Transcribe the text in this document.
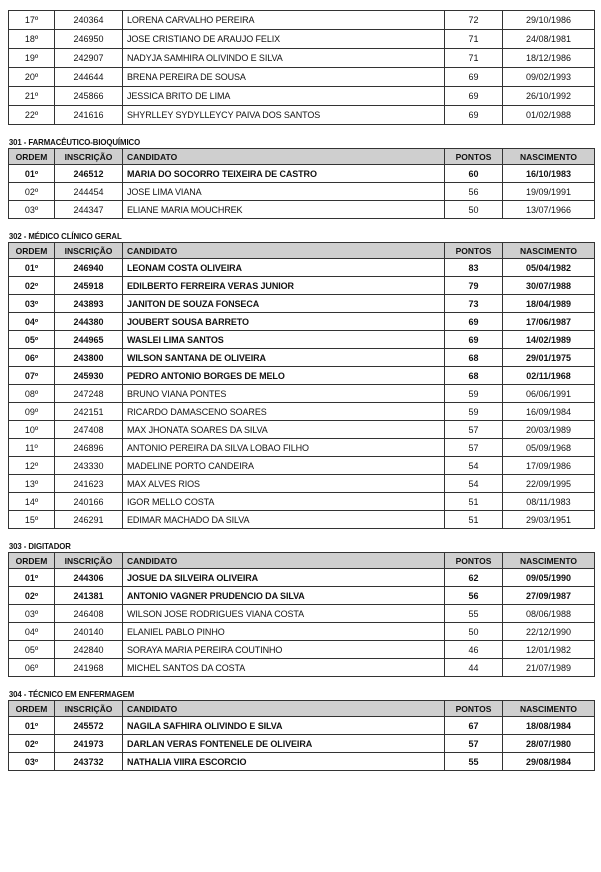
17º	240364	LORENA CARVALHO PEREIRA	72	29/10/1986
18º	246950	JOSE CRISTIANO DE ARAUJO FELIX	71	24/08/1981
19º	242907	NADYJA SAMHIRA OLIVINDO E SILVA	71	18/12/1986
20º	244644	BRENA PEREIRA DE SOUSA	69	09/02/1993
21º	245866	JESSICA BRITO DE LIMA	69	26/10/1992
22º	241616	SHYRLLEY SYDYLLEYCY PAIVA DOS SANTOS	69	01/02/1988
301 - FARMACÊUTICO-BIOQUÍMICO
ORDEM	INSCRIÇÃO	CANDIDATO	PONTOS	NASCIMENTO
01º	246512	MARIA DO SOCORRO TEIXEIRA DE CASTRO	60	16/10/1983
02º	244454	JOSE LIMA VIANA	56	19/09/1991
03º	244347	ELIANE MARIA MOUCHREK	50	13/07/1966
302 - MÉDICO CLÍNICO GERAL
ORDEM	INSCRIÇÃO	CANDIDATO	PONTOS	NASCIMENTO
01º	246940	LEONAM COSTA OLIVEIRA	83	05/04/1982
02º	245918	EDILBERTO FERREIRA VERAS JUNIOR	79	30/07/1988
03º	243893	JANITON DE SOUZA FONSECA	73	18/04/1989
04º	244380	JOUBERT SOUSA BARRETO	69	17/06/1987
05º	244965	WASLEI LIMA SANTOS	69	14/02/1989
06º	243800	WILSON SANTANA DE OLIVEIRA	68	29/01/1975
07º	245930	PEDRO ANTONIO BORGES DE MELO	68	02/11/1968
08º	247248	BRUNO VIANA PONTES	59	06/06/1991
09º	242151	RICARDO DAMASCENO SOARES	59	16/09/1984
10º	247408	MAX JHONATA SOARES DA SILVA	57	20/03/1989
11º	246896	ANTONIO PEREIRA DA SILVA LOBAO FILHO	57	05/09/1968
12º	243330	MADELINE PORTO CANDEIRA	54	17/09/1986
13º	241623	MAX ALVES RIOS	54	22/09/1995
14º	240166	IGOR MELLO COSTA	51	08/11/1983
15º	246291	EDIMAR MACHADO DA SILVA	51	29/03/1951
303 - DIGITADOR
ORDEM	INSCRIÇÃO	CANDIDATO	PONTOS	NASCIMENTO
01º	244306	JOSUE DA SILVEIRA OLIVEIRA	62	09/05/1990
02º	241381	ANTONIO VAGNER PRUDENCIO DA SILVA	56	27/09/1987
03º	246408	WILSON JOSE RODRIGUES VIANA COSTA	55	08/06/1988
04º	240140	ELANIEL PABLO PINHO	50	22/12/1990
05º	242840	SORAYA MARIA PEREIRA COUTINHO	46	12/01/1982
06º	241968	MICHEL SANTOS DA COSTA	44	21/07/1989
304 - TÉCNICO EM ENFERMAGEM
ORDEM	INSCRIÇÃO	CANDIDATO	PONTOS	NASCIMENTO
01º	245572	NAGILA SAFHIRA OLIVINDO E SILVA	67	18/08/1984
02º	241973	DARLAN VERAS FONTENELE DE OLIVEIRA	57	28/07/1980
03º	243732	NATHALIA VIIRA ESCORCIO	55	29/08/1984
